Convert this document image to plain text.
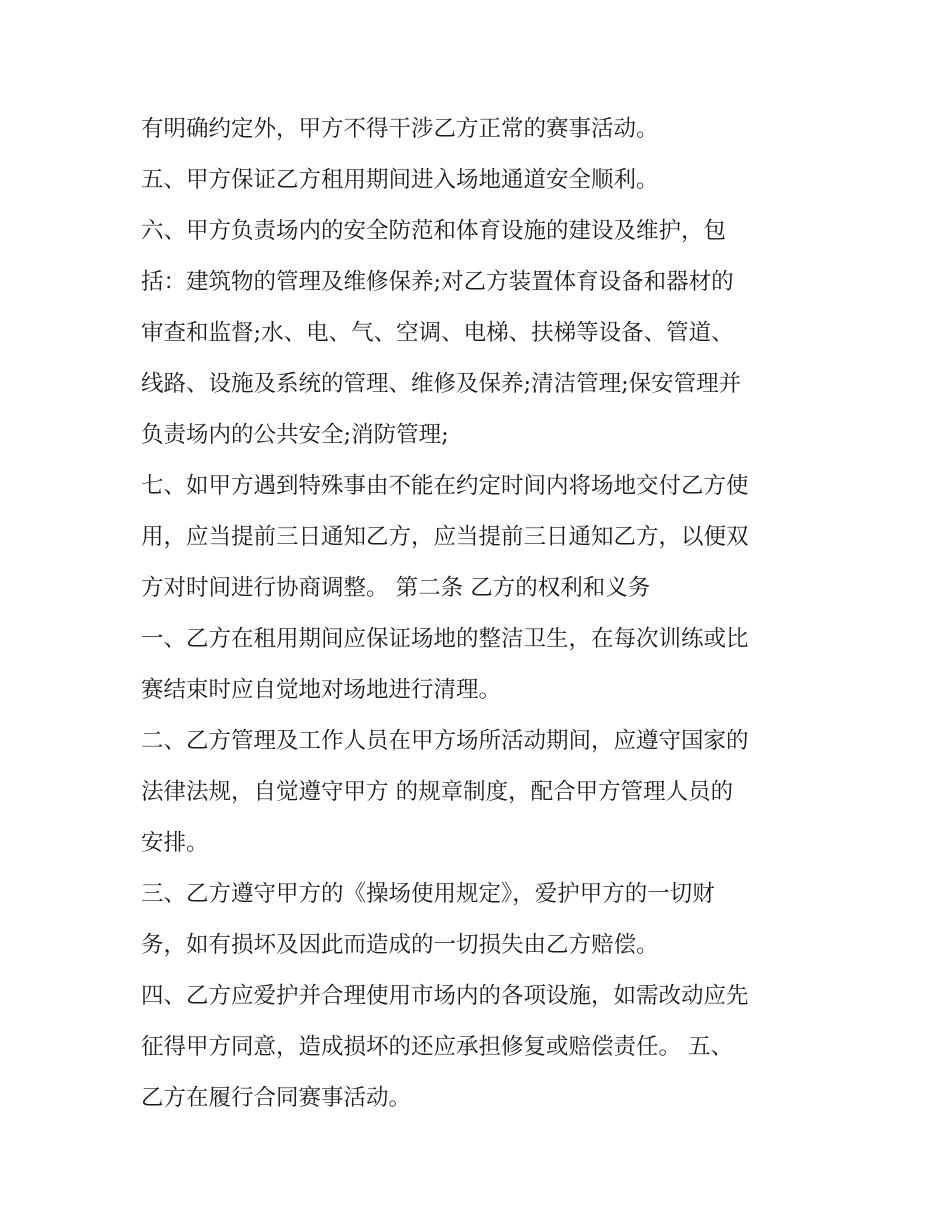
有明确约定外，甲方不得干涉乙方正常的赛事活动。
五、甲方保证乙方租用期间进入场地通道安全顺利。
六、甲方负责场内的安全防范和体育设施的建设及维护，包
括：建筑物的管理及维修保养;对乙方装置体育设备和器材的
审查和监督;水、电、气、空调、电梯、扶梯等设备、管道、
线路、设施及系统的管理、维修及保养;清洁管理;保安管理并
负责场内的公共安全;消防管理;
七、如甲方遇到特殊事由不能在约定时间内将场地交付乙方使
用，应当提前三日通知乙方，应当提前三日通知乙方，以便双
方对时间进行协商调整。 第二条 乙方的权利和义务
一、乙方在租用期间应保证场地的整洁卫生，在每次训练或比
赛结束时应自觉地对场地进行清理。
二、乙方管理及工作人员在甲方场所活动期间，应遵守国家的
法律法规，自觉遵守甲方 的规章制度，配合甲方管理人员的
安排。
三、乙方遵守甲方的《操场使用规定》，爱护甲方的一切财
务，如有损坏及因此而造成的一切损失由乙方赔偿。
四、乙方应爱护并合理使用市场内的各项设施，如需改动应先
征得甲方同意，造成损坏的还应承担修复或赔偿责任。 五、
乙方在履行合同赛事活动。
